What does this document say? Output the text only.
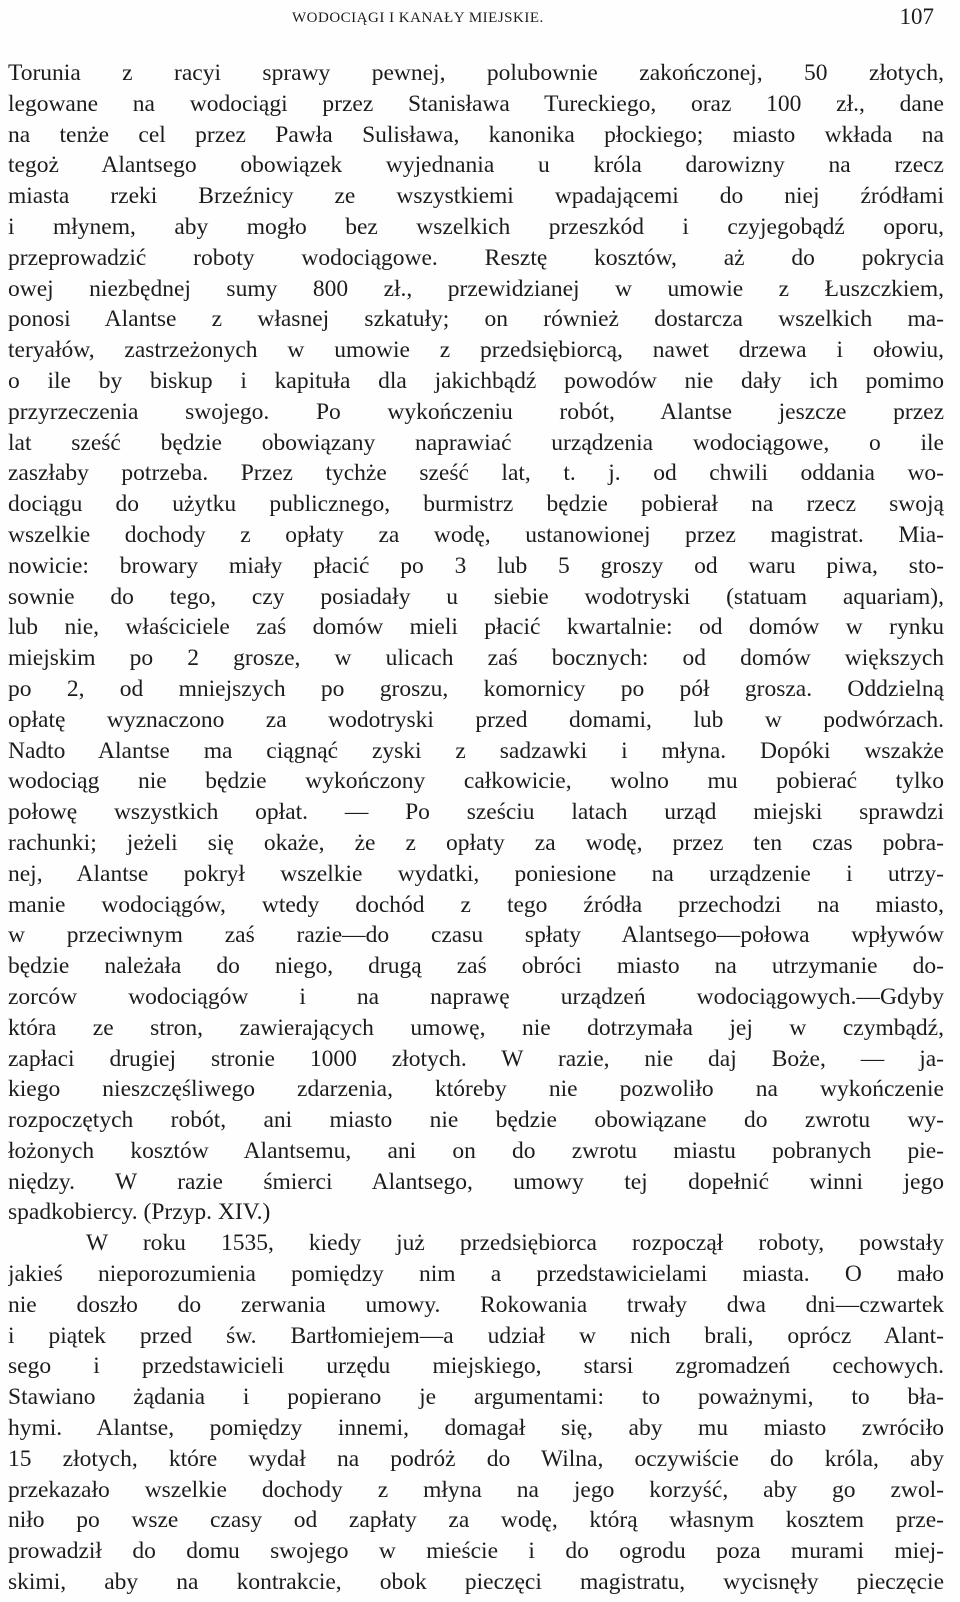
WODOCIĄGI I KANAŁY MIEJSKIE.	107
Torunia z racyi sprawy pewnej, polubownie zakończonej, 50 złotych,
legowane na wodociągi przez Stanisława Tureckiego, oraz 100 zł., dane
na tenże cel przez Pawła Sulisława, kanonika płockiego; miasto wkłada na
tegoż Alantsego obowiązek wyjednania u króla darowizny na rzecz
miasta rzeki Brzeźnicy ze wszystkiemi wpadającemi do niej źródłami
i młynem, aby mogło bez wszelkich przeszkód i czyjegobądź oporu,
przeprowadzić roboty wodociągowe. Resztę kosztów, aż do pokrycia
owej niezbędnej sumy 800 zł., przewidzianej w umowie z Łuszczkiem,
ponosi Alantse z własnej szkatuły; on również dostarcza wszelkich ma-
teryałów, zastrzeżonych w umowie z przedsiębiorcą, nawet drzewa i ołowiu,
o ile by biskup i kapituła dla jakichbądź powodów nie dały ich pomimo
przyrzeczenia swojego. Po wykończeniu robót, Alantse jeszcze przez
lat sześć będzie obowiązany naprawiać urządzenia wodociągowe, o ile
zaszłaby potrzeba. Przez tychże sześć lat, t. j. od chwili oddania wo-
dociągu do użytku publicznego, burmistrz będzie pobierał na rzecz swoją
wszelkie dochody z opłaty za wodę, ustanowionej przez magistrat. Mia-
nowicie: browary miały płacić po 3 lub 5 groszy od waru piwa, sto-
sownie do tego, czy posiadały u siebie wodotryski (statuam aquariam),
lub nie, właściciele zaś domów mieli płacić kwartalnie: od domów w rynku
miejskim po 2 grosze, w ulicach zaś bocznych: od domów większych
po 2, od mniejszych po groszu, komornicy po pół grosza. Oddzielną
opłatę wyznaczono za wodotryski przed domami, lub w podwórzach.
Nadto Alantse ma ciągnąć zyski z sadzawki i młyna. Dopóki wszakże
wodociąg nie będzie wykończony całkowicie, wolno mu pobierać tylko
połowę wszystkich opłat. — Po sześciu latach urząd miejski sprawdzi
rachunki; jeżeli się okaże, że z opłaty za wodę, przez ten czas pobra-
nej, Alantse pokrył wszelkie wydatki, poniesione na urządzenie i utrzy-
manie wodociągów, wtedy dochód z tego źródła przechodzi na miasto,
w przeciwnym zaś razie—do czasu spłaty Alantsego—połowa wpływów
będzie należała do niego, drugą zaś obróci miasto na utrzymanie do-
zorców wodociągów i na naprawę urządzeń wodociągowych.—Gdyby
która ze stron, zawierających umowę, nie dotrzymała jej w czymbądź,
zapłaci drugiej stronie 1000 złotych. W razie, nie daj Boże, — ja-
kiego nieszczęśliwego zdarzenia, któreby nie pozwoliło na wykończenie
rozpoczętych robót, ani miasto nie będzie obowiązane do zwrotu wy-
łożonych kosztów Alantsemu, ani on do zwrotu miastu pobranych pie-
niędzy. W razie śmierci Alantsego, umowy tej dopełnić winni jego
spadkobiercy. (Przyp. XIV.)
W roku 1535, kiedy już przedsiębiorca rozpoczął roboty, powstały
jakieś nieporozumienia pomiędzy nim a przedstawicielami miasta. O mało
nie doszło do zerwania umowy. Rokowania trwały dwa dni—czwartek
i piątek przed św. Bartłomiejem—a udział w nich brali, oprócz Alant-
sego i przedstawicieli urzędu miejskiego, starsi zgromadzeń cechowych.
Stawiano żądania i popierano je argumentami: to poważnymi, to bła-
hymi. Alantse, pomiędzy innemi, domagał się, aby mu miasto zwróciło
15 złotych, które wydał na podróż do Wilna, oczywiście do króla, aby
przekazało wszelkie dochody z młyna na jego korzyść, aby go zwol-
niło po wsze czasy od zapłaty za wodę, którą własnym kosztem prze-
prowadził do domu swojego w mieście i do ogrodu poza murami miej-
skimi, aby na kontrakcie, obok pieczęci magistratu, wycisnęły pieczęcie
